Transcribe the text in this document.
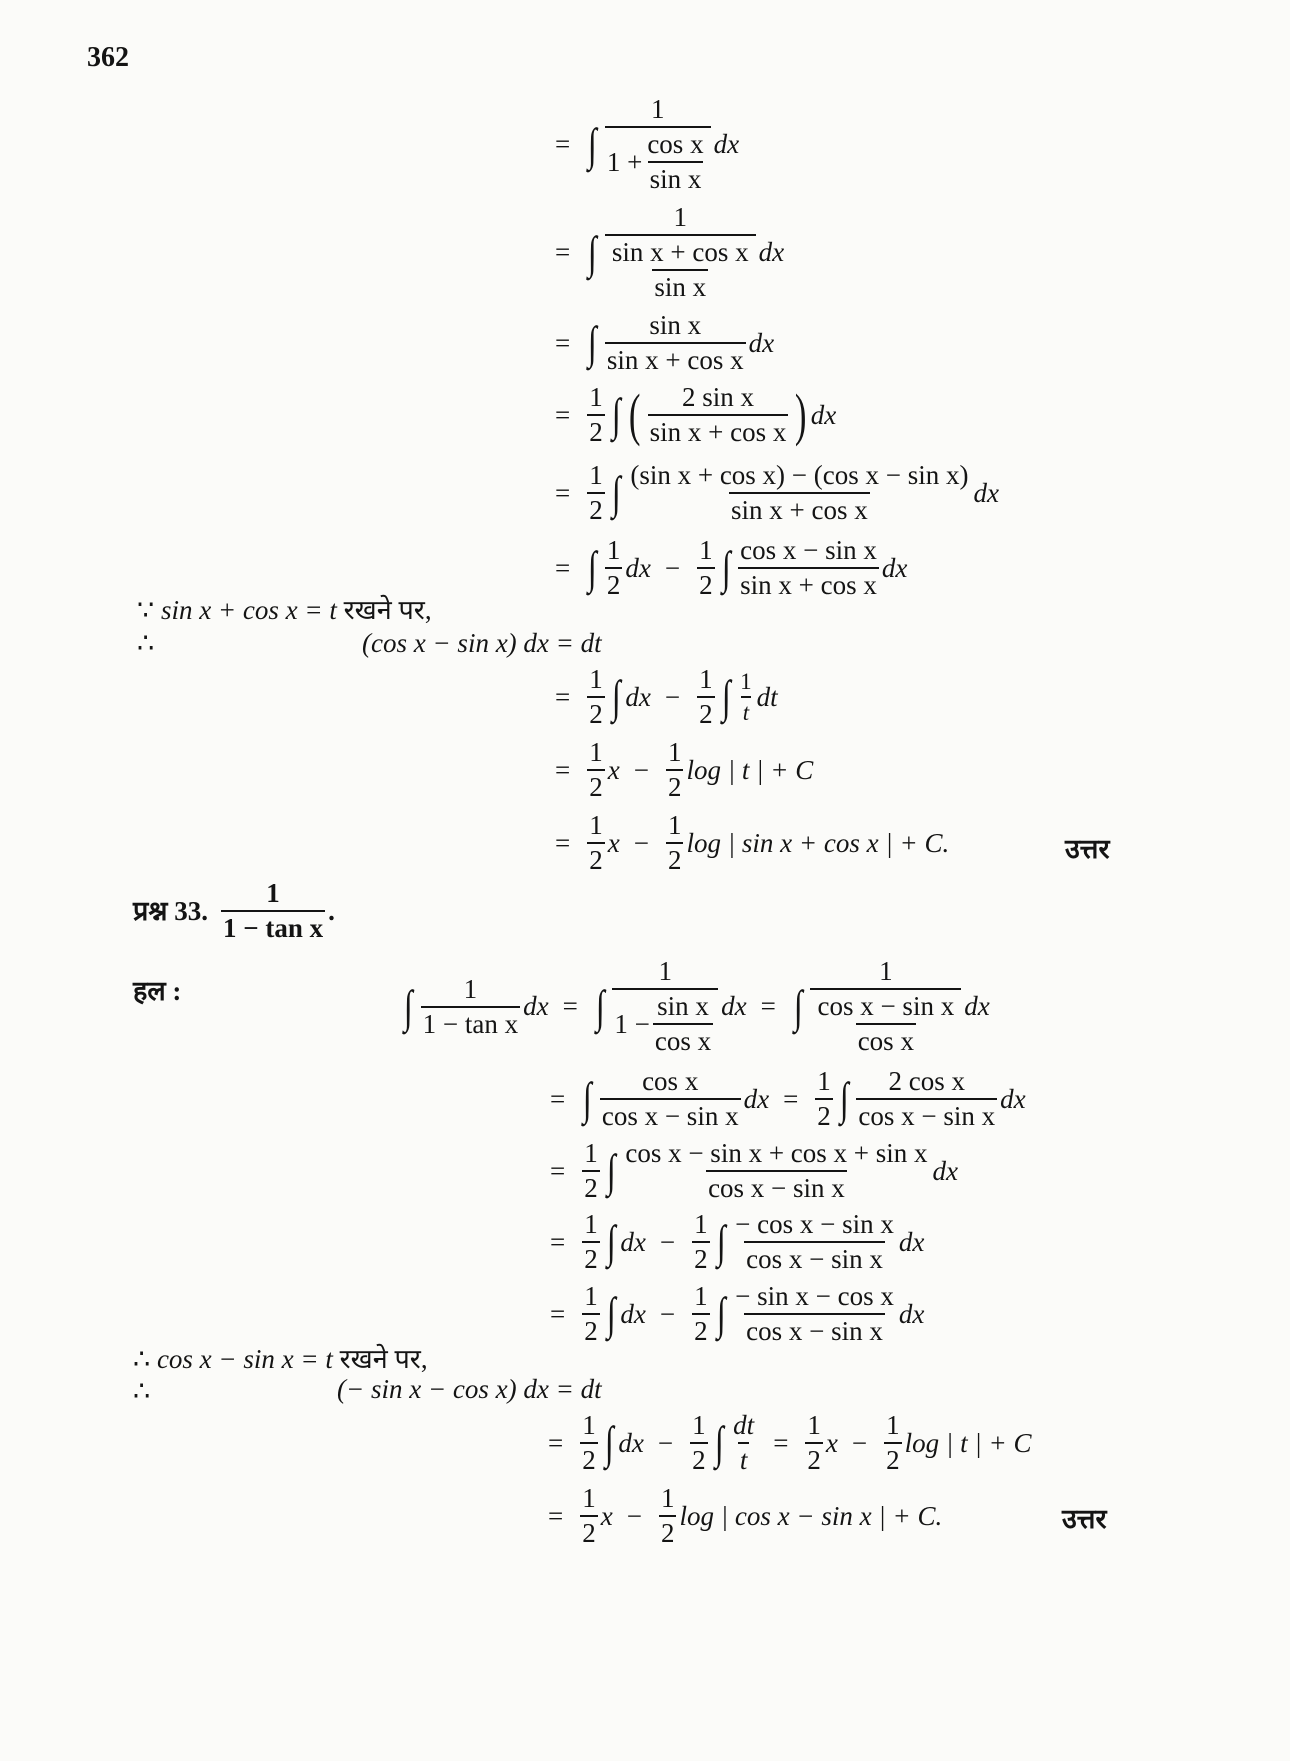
362
= ∫ $\frac{1}{1 + \frac{\text{cos x}}{\text{sin x}}}$ dx
= ∫ $\frac{1}{\frac{\text{sin x + cos x}}{\text{sin x}}}$ dx
= ∫ $\frac{\text{sin x}}{\text{sin x + cos x}}$ dx
= $\frac{1}{2}$ ∫ ( $\frac{\text{2 sin x}}{\text{sin x + cos x}}$ ) dx
= $\frac{1}{2}$ ∫ $\frac{\text{(sin x + cos x) − (cos x − sin x)}}{\text{sin x + cos x}}$ dx
= ∫ $\frac{1}{2}$ dx − $\frac{1}{2}$ ∫ $\frac{\text{cos x − sin x}}{\text{sin x + cos x}}$ dx
∵ sin x + cos x = t रखने पर,
∴	(cos x − sin x) dx = dt
= $\frac{1}{2}$ ∫ dx − $\frac{1}{2}$ ∫ $\frac{1}{t}$ dt
= $\frac{1}{2}$ $x - \frac{1}{2}$ log | t | + C
= $\frac{1}{2}$ $x - \frac{1}{2}$ log | sin x + cos x | + C.	उत्तर
प्रश्न 33. $\frac{1}{\text{1 − tan x}}$ .
हल :	∫ $\frac{1}{\text{1 − tan x}}$ dx = ∫ $\frac{1}{1 - \frac{\text{sin x}}{\text{cos x}}}$ dx = ∫ $\frac{1}{\frac{\text{cos x − sin x}}{\text{cos x}}}$ dx
= ∫ $\frac{\text{cos x}}{\text{cos x − sin x}}$ dx = $\frac{1}{2}$ ∫ $\frac{\text{2 cos x}}{\text{cos x − sin x}}$ dx
= $\frac{1}{2}$ ∫ $\frac{\text{cos x − sin x + cos x + sin x}}{\text{cos x − sin x}}$ dx
= $\frac{1}{2}$ ∫ dx − $\frac{1}{2}$ ∫ $\frac{\text{− cos x − sin x}}{\text{cos x − sin x}}$ dx
= $\frac{1}{2}$ ∫ dx − $\frac{1}{2}$ ∫ $\frac{\text{− sin x − cos x}}{\text{cos x − sin x}}$ dx
∴ cos x − sin x = t रखने पर,
∴	(− sin x − cos x) dx = dt
= $\frac{1}{2}$ ∫ dx − $\frac{1}{2}$ ∫ $\frac{dt}{t} = \frac{1}{2}$ $x - \frac{1}{2}$ log | t | + C
= $\frac{1}{2}$ $x - \frac{1}{2}$ log | cos x − sin x | + C.	उत्तर
